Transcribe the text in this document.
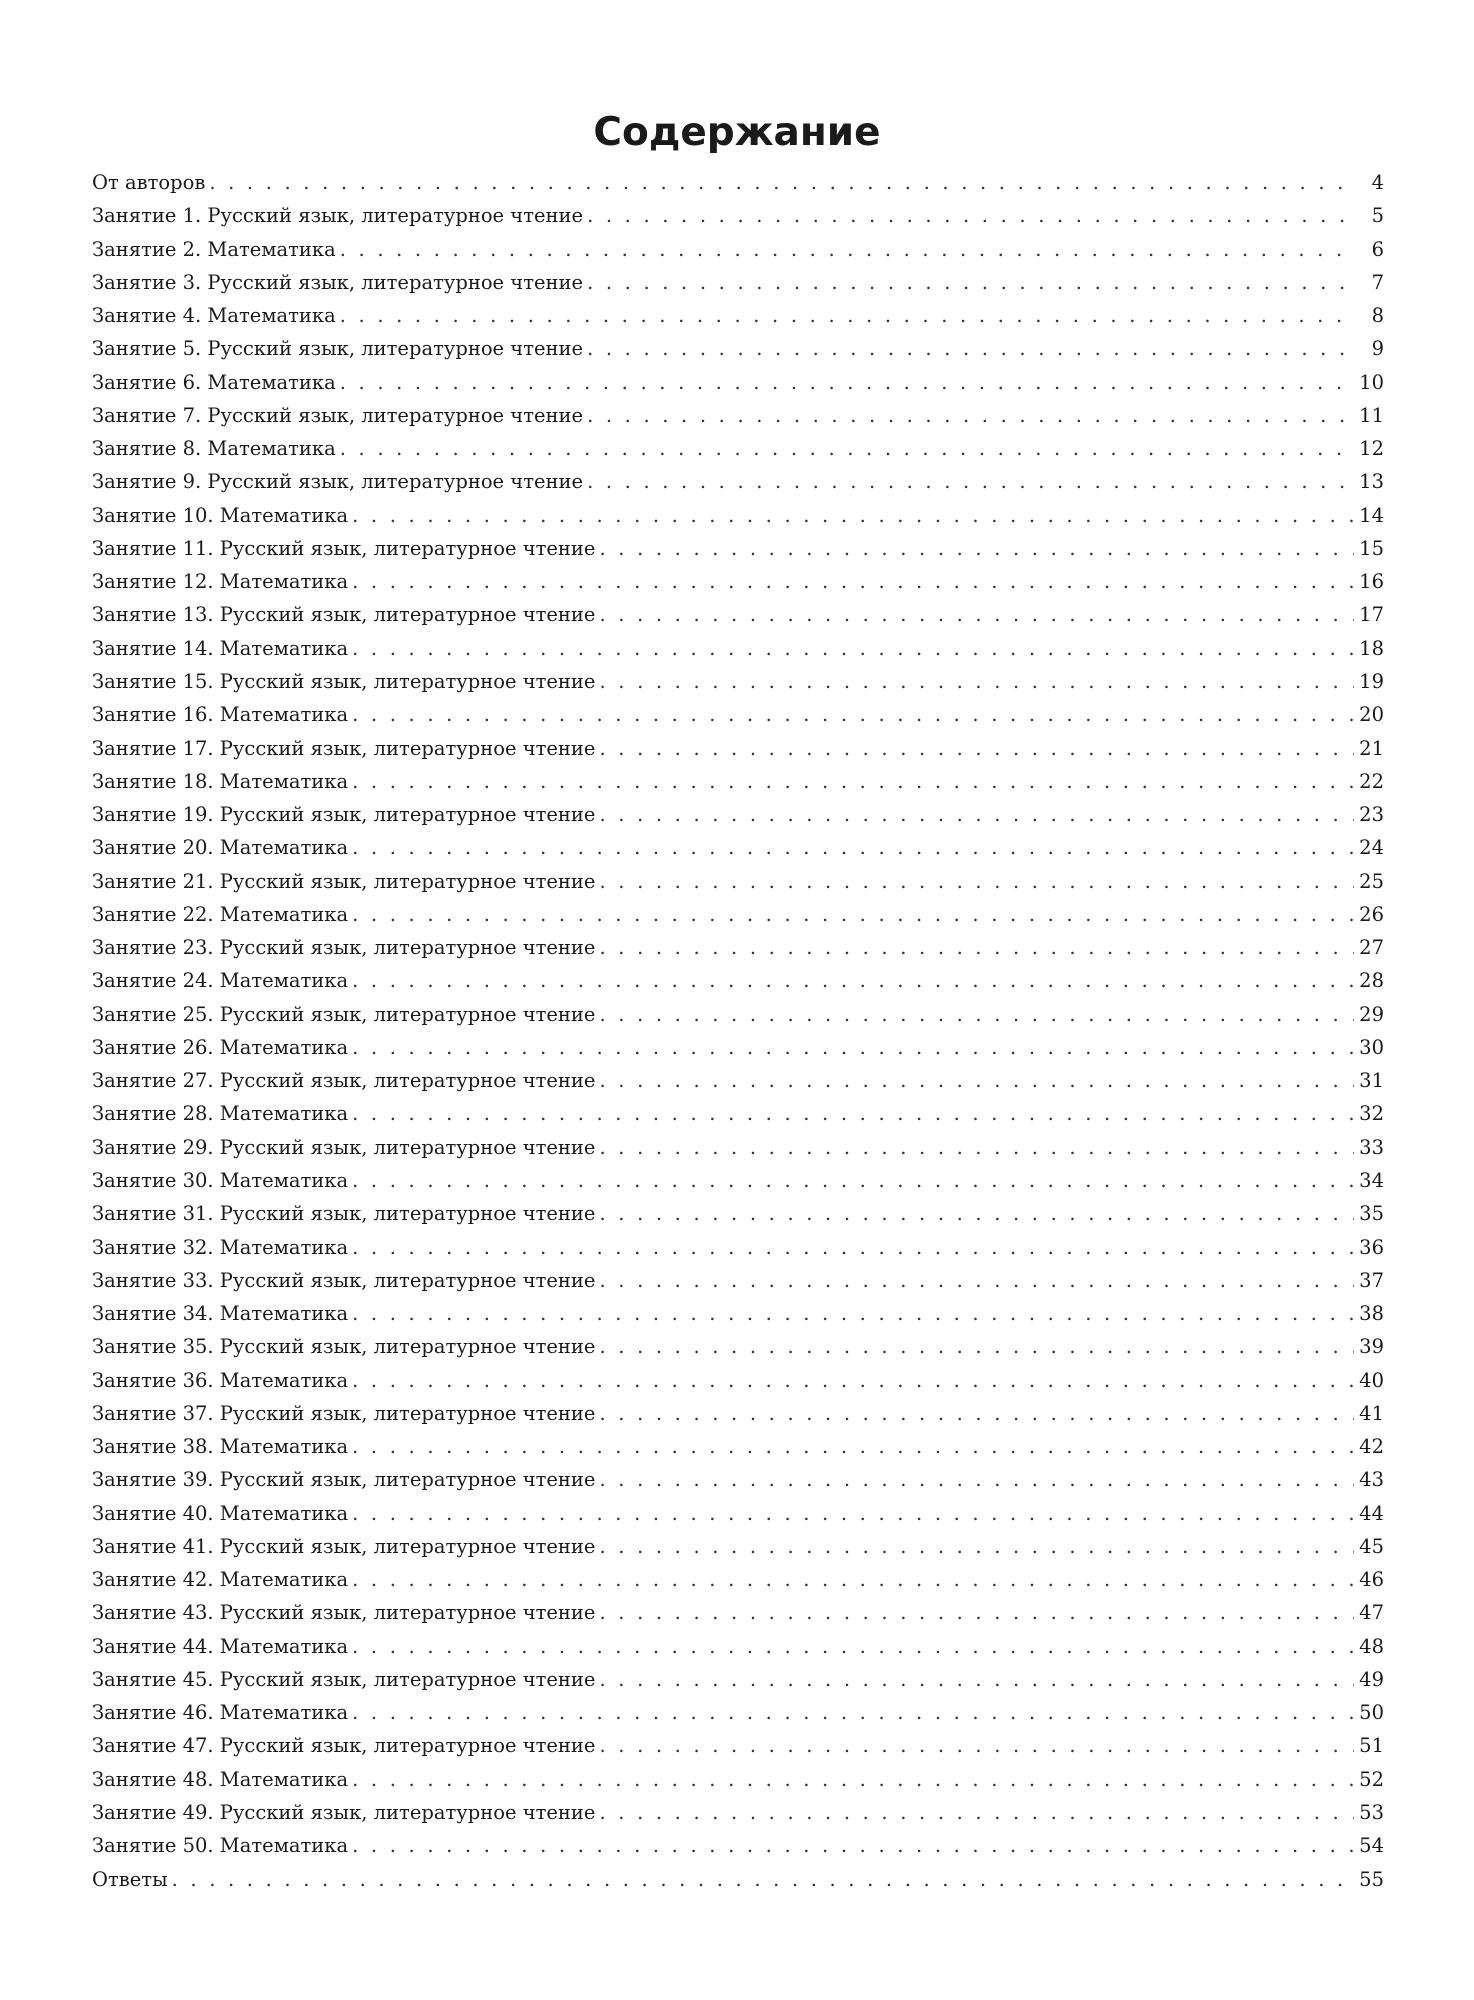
Содержание
От авторов . . .	4
Занятие 1. Русский язык, литературное чтение . . .	5
Занятие 2. Математика . . .	6
Занятие 3. Русский язык, литературное чтение . . .	7
Занятие 4. Математика . . .	8
Занятие 5. Русский язык, литературное чтение . . .	9
Занятие 6. Математика . . .	10
Занятие 7. Русский язык, литературное чтение . . .	11
Занятие 8. Математика . . .	12
Занятие 9. Русский язык, литературное чтение . . .	13
Занятие 10. Математика . . .	14
Занятие 11. Русский язык, литературное чтение . . .	15
Занятие 12. Математика . . .	16
Занятие 13. Русский язык, литературное чтение . . .	17
Занятие 14. Математика . . .	18
Занятие 15. Русский язык, литературное чтение . . .	19
Занятие 16. Математика . . .	20
Занятие 17. Русский язык, литературное чтение . . .	21
Занятие 18. Математика . . .	22
Занятие 19. Русский язык, литературное чтение . . .	23
Занятие 20. Математика . . .	24
Занятие 21. Русский язык, литературное чтение . . .	25
Занятие 22. Математика . . .	26
Занятие 23. Русский язык, литературное чтение . . .	27
Занятие 24. Математика . . .	28
Занятие 25. Русский язык, литературное чтение . . .	29
Занятие 26. Математика . . .	30
Занятие 27. Русский язык, литературное чтение . . .	31
Занятие 28. Математика . . .	32
Занятие 29. Русский язык, литературное чтение . . .	33
Занятие 30. Математика . . .	34
Занятие 31. Русский язык, литературное чтение . . .	35
Занятие 32. Математика . . .	36
Занятие 33. Русский язык, литературное чтение . . .	37
Занятие 34. Математика . . .	38
Занятие 35. Русский язык, литературное чтение . . .	39
Занятие 36. Математика . . .	40
Занятие 37. Русский язык, литературное чтение . . .	41
Занятие 38. Математика . . .	42
Занятие 39. Русский язык, литературное чтение . . .	43
Занятие 40. Математика . . .	44
Занятие 41. Русский язык, литературное чтение . . .	45
Занятие 42. Математика . . .	46
Занятие 43. Русский язык, литературное чтение . . .	47
Занятие 44. Математика . . .	48
Занятие 45. Русский язык, литературное чтение . . .	49
Занятие 46. Математика . . .	50
Занятие 47. Русский язык, литературное чтение . . .	51
Занятие 48. Математика . . .	52
Занятие 49. Русский язык, литературное чтение . . .	53
Занятие 50. Математика . . .	54
Ответы . . .	55
